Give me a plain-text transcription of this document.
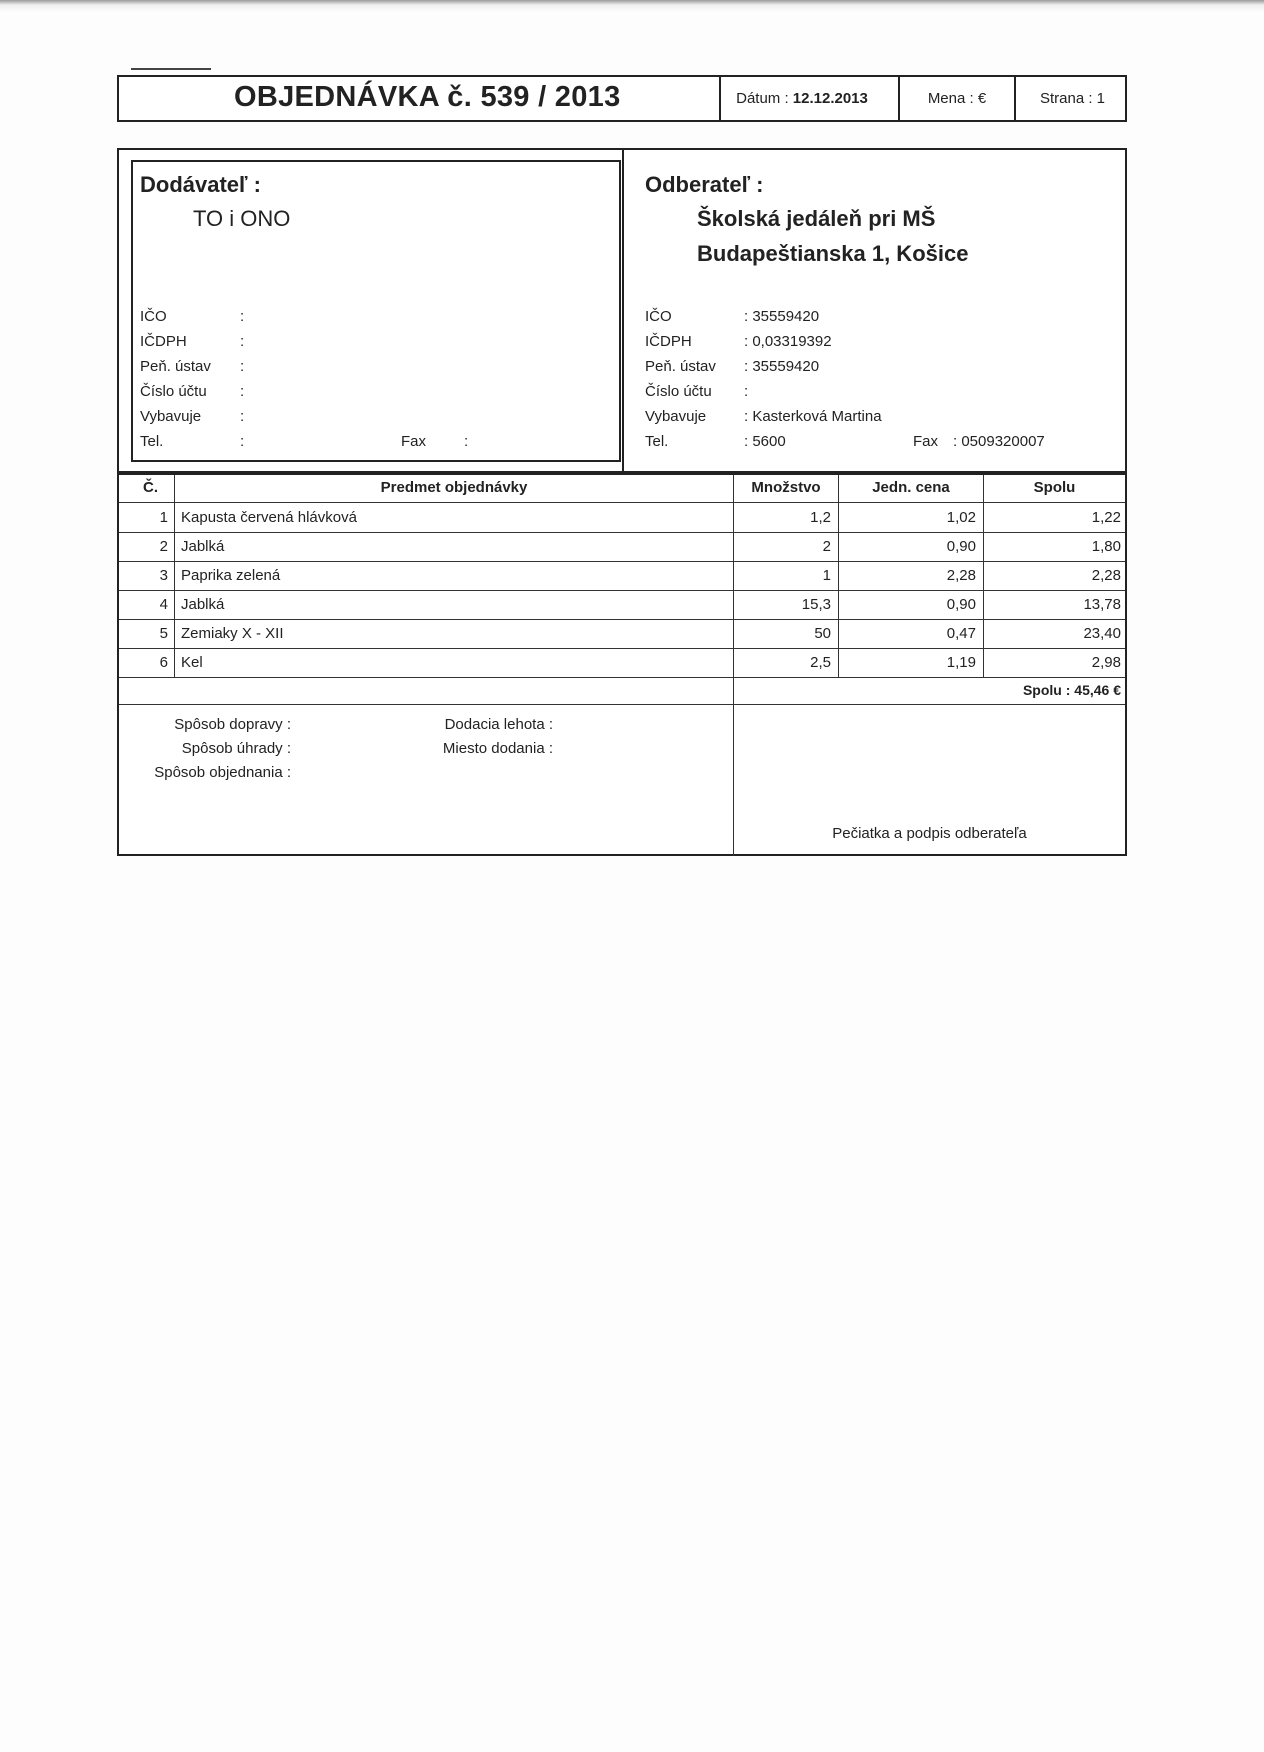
OBJEDNÁVKA č. 539 / 2013	Dátum : 12.12.2013	Mena : €	Strana : 1
Dodávateľ :
TO i ONO
IČO	:
IČDPH	:
Peň. ústav :
Číslo účtu :
Vybavuje	:
Tel.	:	Fax	:
Odberateľ :
Školská jedáleň pri MŠ
Budapeštianska 1, Košice
IČO	: 35559420
IČDPH	: 0,03319392
Peň. ústav : 35559420
Číslo účtu :
Vybavuje	: Kasterková Martina
Tel.	: 5600	Fax : 0509320007
Č.	Predmet objednávky	Množstvo	Jedn. cena	Spolu
1 Kapusta červená hlávková	1,2	1,02	1,22
2 Jablká	2	0,90	1,80
3 Paprika zelená	1	2,28	2,28
4 Jablká	15,3	0,90	13,78
5 Zemiaky X - XII	50	0,47	23,40
6 Kel	2,5	1,19	2,98
Spolu : 45,46 €
Spôsob dopravy :
Spôsob úhrady :
Spôsob objednania :
Dodacia lehota :
Miesto dodania :
Pečiatka a podpis odberateľa
